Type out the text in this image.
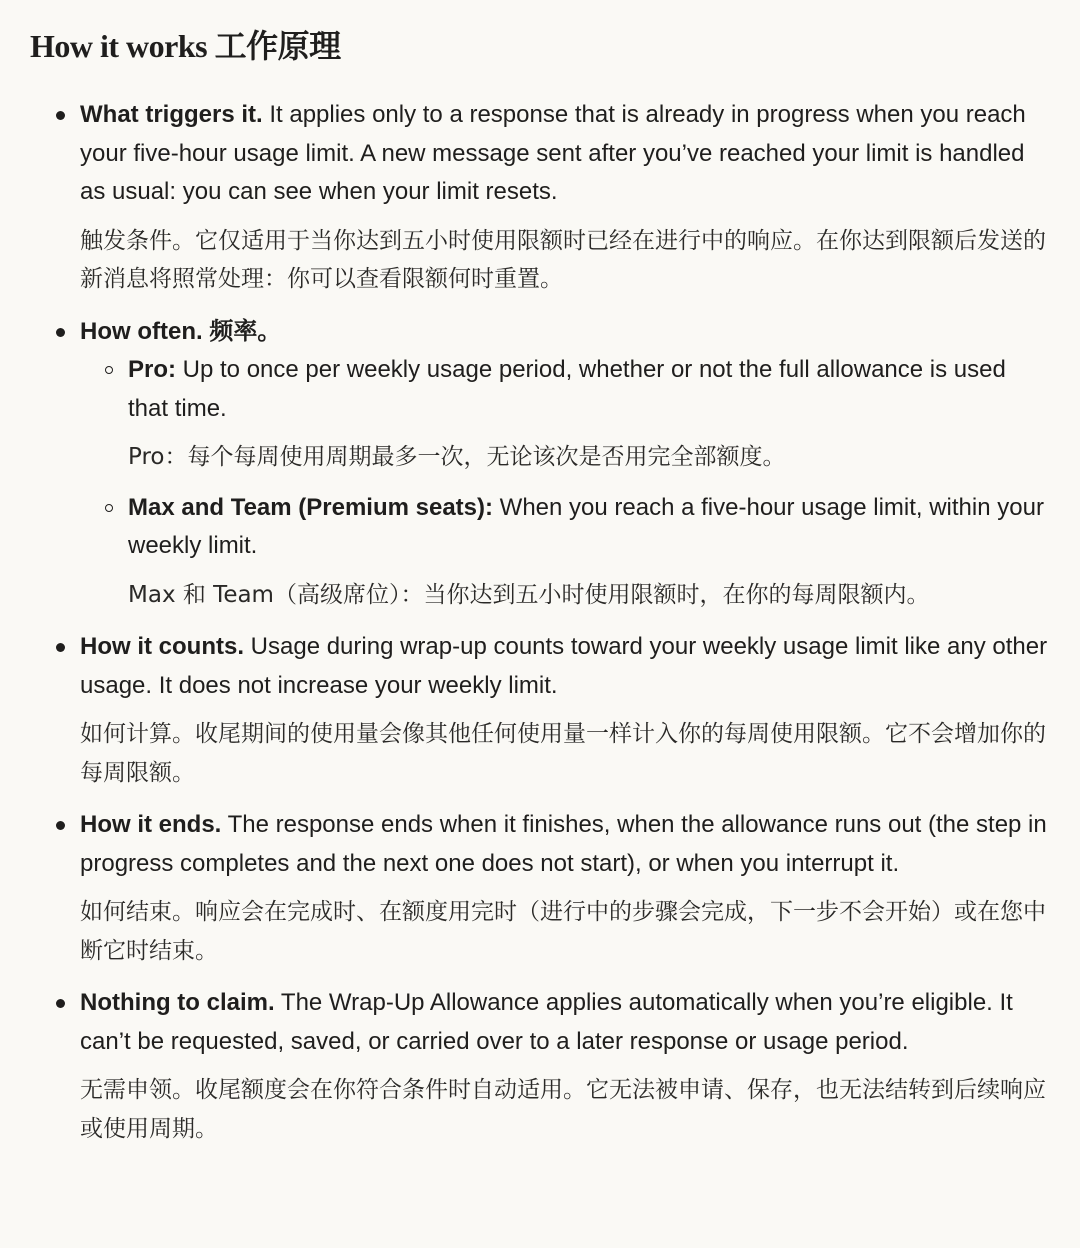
How it works 工作原理

What triggers it. It applies only to a response that is already in progress when you reach your five-hour usage limit. A new message sent after you’ve reached your limit is handled as usual: you can see when your limit resets.

触发条件。它仅适用于当你达到五小时使用限额时已经在进行中的响应。在你达到限额后发送的新消息将照常处理：你可以查看限额何时重置。

How often. 频率。

Pro: Up to once per weekly usage period, whether or not the full allowance is used that time.

Pro：每个每周使用周期最多一次，无论该次是否用完全部额度。

Max and Team (Premium seats): When you reach a five-hour usage limit, within your weekly limit.

Max 和 Team（高级席位）：当你达到五小时使用限额时，在你的每周限额内。

How it counts. Usage during wrap-up counts toward your weekly usage limit like any other usage. It does not increase your weekly limit.

如何计算。收尾期间的使用量会像其他任何使用量一样计入你的每周使用限额。它不会增加你的每周限额。

How it ends. The response ends when it finishes, when the allowance runs out (the step in progress completes and the next one does not start), or when you interrupt it.

如何结束。响应会在完成时、在额度用完时（进行中的步骤会完成，下一步不会开始）或在您中断它时结束。

Nothing to claim. The Wrap-Up Allowance applies automatically when you’re eligible. It can’t be requested, saved, or carried over to a later response or usage period.

无需申领。收尾额度会在你符合条件时自动适用。它无法被申请、保存，也无法结转到后续响应或使用周期。
